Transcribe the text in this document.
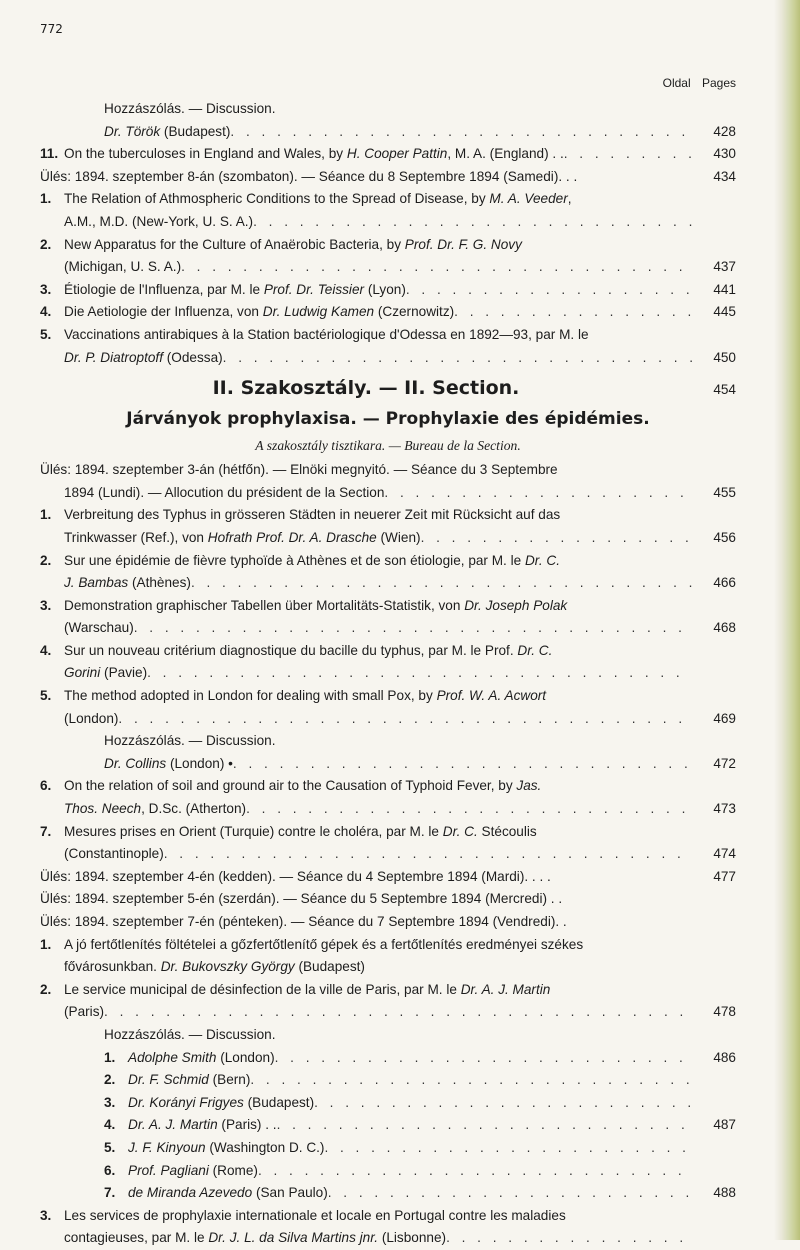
772
Oldal Pages
Hozzászólás. — Discussion.
Dr. Török (Budapest) . . .	428
11. On the tuberculoses in England and Wales, by H. Cooper Pattin, M. A. (England) . . . . .	430
Ülés: 1894. szeptember 8-án (szombaton). — Séance du 8 Septembre 1894 (Samedi). . .	434
1. The Relation of Athmospheric Conditions to the Spread of Disease, by M. A. Veeder,
A.M., M.D. (New-York, U. S. A.)
. . .
2. New Apparatus for the Culture of Anaërobic Bacteria, by Prof. Dr. F. G. Novy
(Michigan, U. S. A.) . . .	437
3. Étiologie de l'Influenza, par M. le Prof. Dr. Teissier (Lyon) . . .	441
4. Die Aetiologie der Influenza, von Dr. Ludwig Kamen (Czernowitz) . . .	445
5. Vaccinations antirabiques à la Station bactériologique d'Odessa en 1892—93, par M. le
Dr. P. Diatroptoff (Odessa) . . .	450
II. Szakosztály. — II. Section.	454
Járványok prophylaxisa. — Prophylaxie des épidémies.
A szakosztály tisztikara. — Bureau de la Section.
Ülés: 1894. szeptember 3-án (hétfőn). — Elnöki megnyitó. — Séance du 3 Septembre
1894 (Lundi). — Allocution du président de la Section . . .	455
1. Verbreitung des Typhus in grösseren Städten in neuerer Zeit mit Rücksicht auf das
Trinkwasser (Ref.), von Hofrath Prof. Dr. A. Drasche (Wien) . . .	456
2. Sur une épidémie de fièvre typhoïde à Athènes et de son étiologie, par M. le Dr. C.
J. Bambas (Athènes) . . .	466
3. Demonstration graphischer Tabellen über Mortalitäts-Statistik, von Dr. Joseph Polak
(Warschau) . . .	468
4. Sur un nouveau critérium diagnostique du bacille du typhus, par M. le Prof. Dr. C.
Gorini (Pavie)
. . .
5. The method adopted in London for dealing with small Pox, by Prof. W. A. Acwort
(London) . . .	469
Hozzászólás. — Discussion.
Dr. Collins (London) • . . .	472
6. On the relation of soil and ground air to the Causation of Typhoid Fever, by Jas.
Thos. Neech, D.Sc. (Atherton) . . .	473
7. Mesures prises en Orient (Turquie) contre le choléra, par M. le Dr. C. Stécoulis
(Constantinople) . . .	474
Ülés: 1894. szeptember 4-én (kedden). — Séance du 4 Septembre 1894 (Mardi). . . .	477
Ülés: 1894. szeptember 5-én (szerdán). — Séance du 5 Septembre 1894 (Mercredi) . .
Ülés: 1894. szeptember 7-én (pénteken). — Séance du 7 Septembre 1894 (Vendredi). .
1. A jó fertőtlenítés föltételei a gőzfertőtlenítő gépek és a fertőtlenítés eredményei székes
fővárosunkban. Dr. Bukovszky György (Budapest)
2. Le service municipal de désinfection de la ville de Paris, par M. le Dr. A. J. Martin
(Paris) . . .	478
Hozzászólás. — Discussion.
1. Adolphe Smith (London) . . .	486
2. Dr. F. Schmid (Bern)
. . .
3. Dr. Korányi Frigyes (Budapest)
. . .
4. Dr. A. J. Martin (Paris) . . . . .	487
5. J. F. Kinyoun (Washington D. C.)
. . .
6. Prof. Pagliani (Rome)
. . .
7. de Miranda Azevedo (San Paulo) . . .	488
3. Les services de prophylaxie internationale et locale en Portugal contre les maladies
contagieuses, par M. le Dr. J. L. da Silva Martins jnr. (Lisbonne)
. . .
